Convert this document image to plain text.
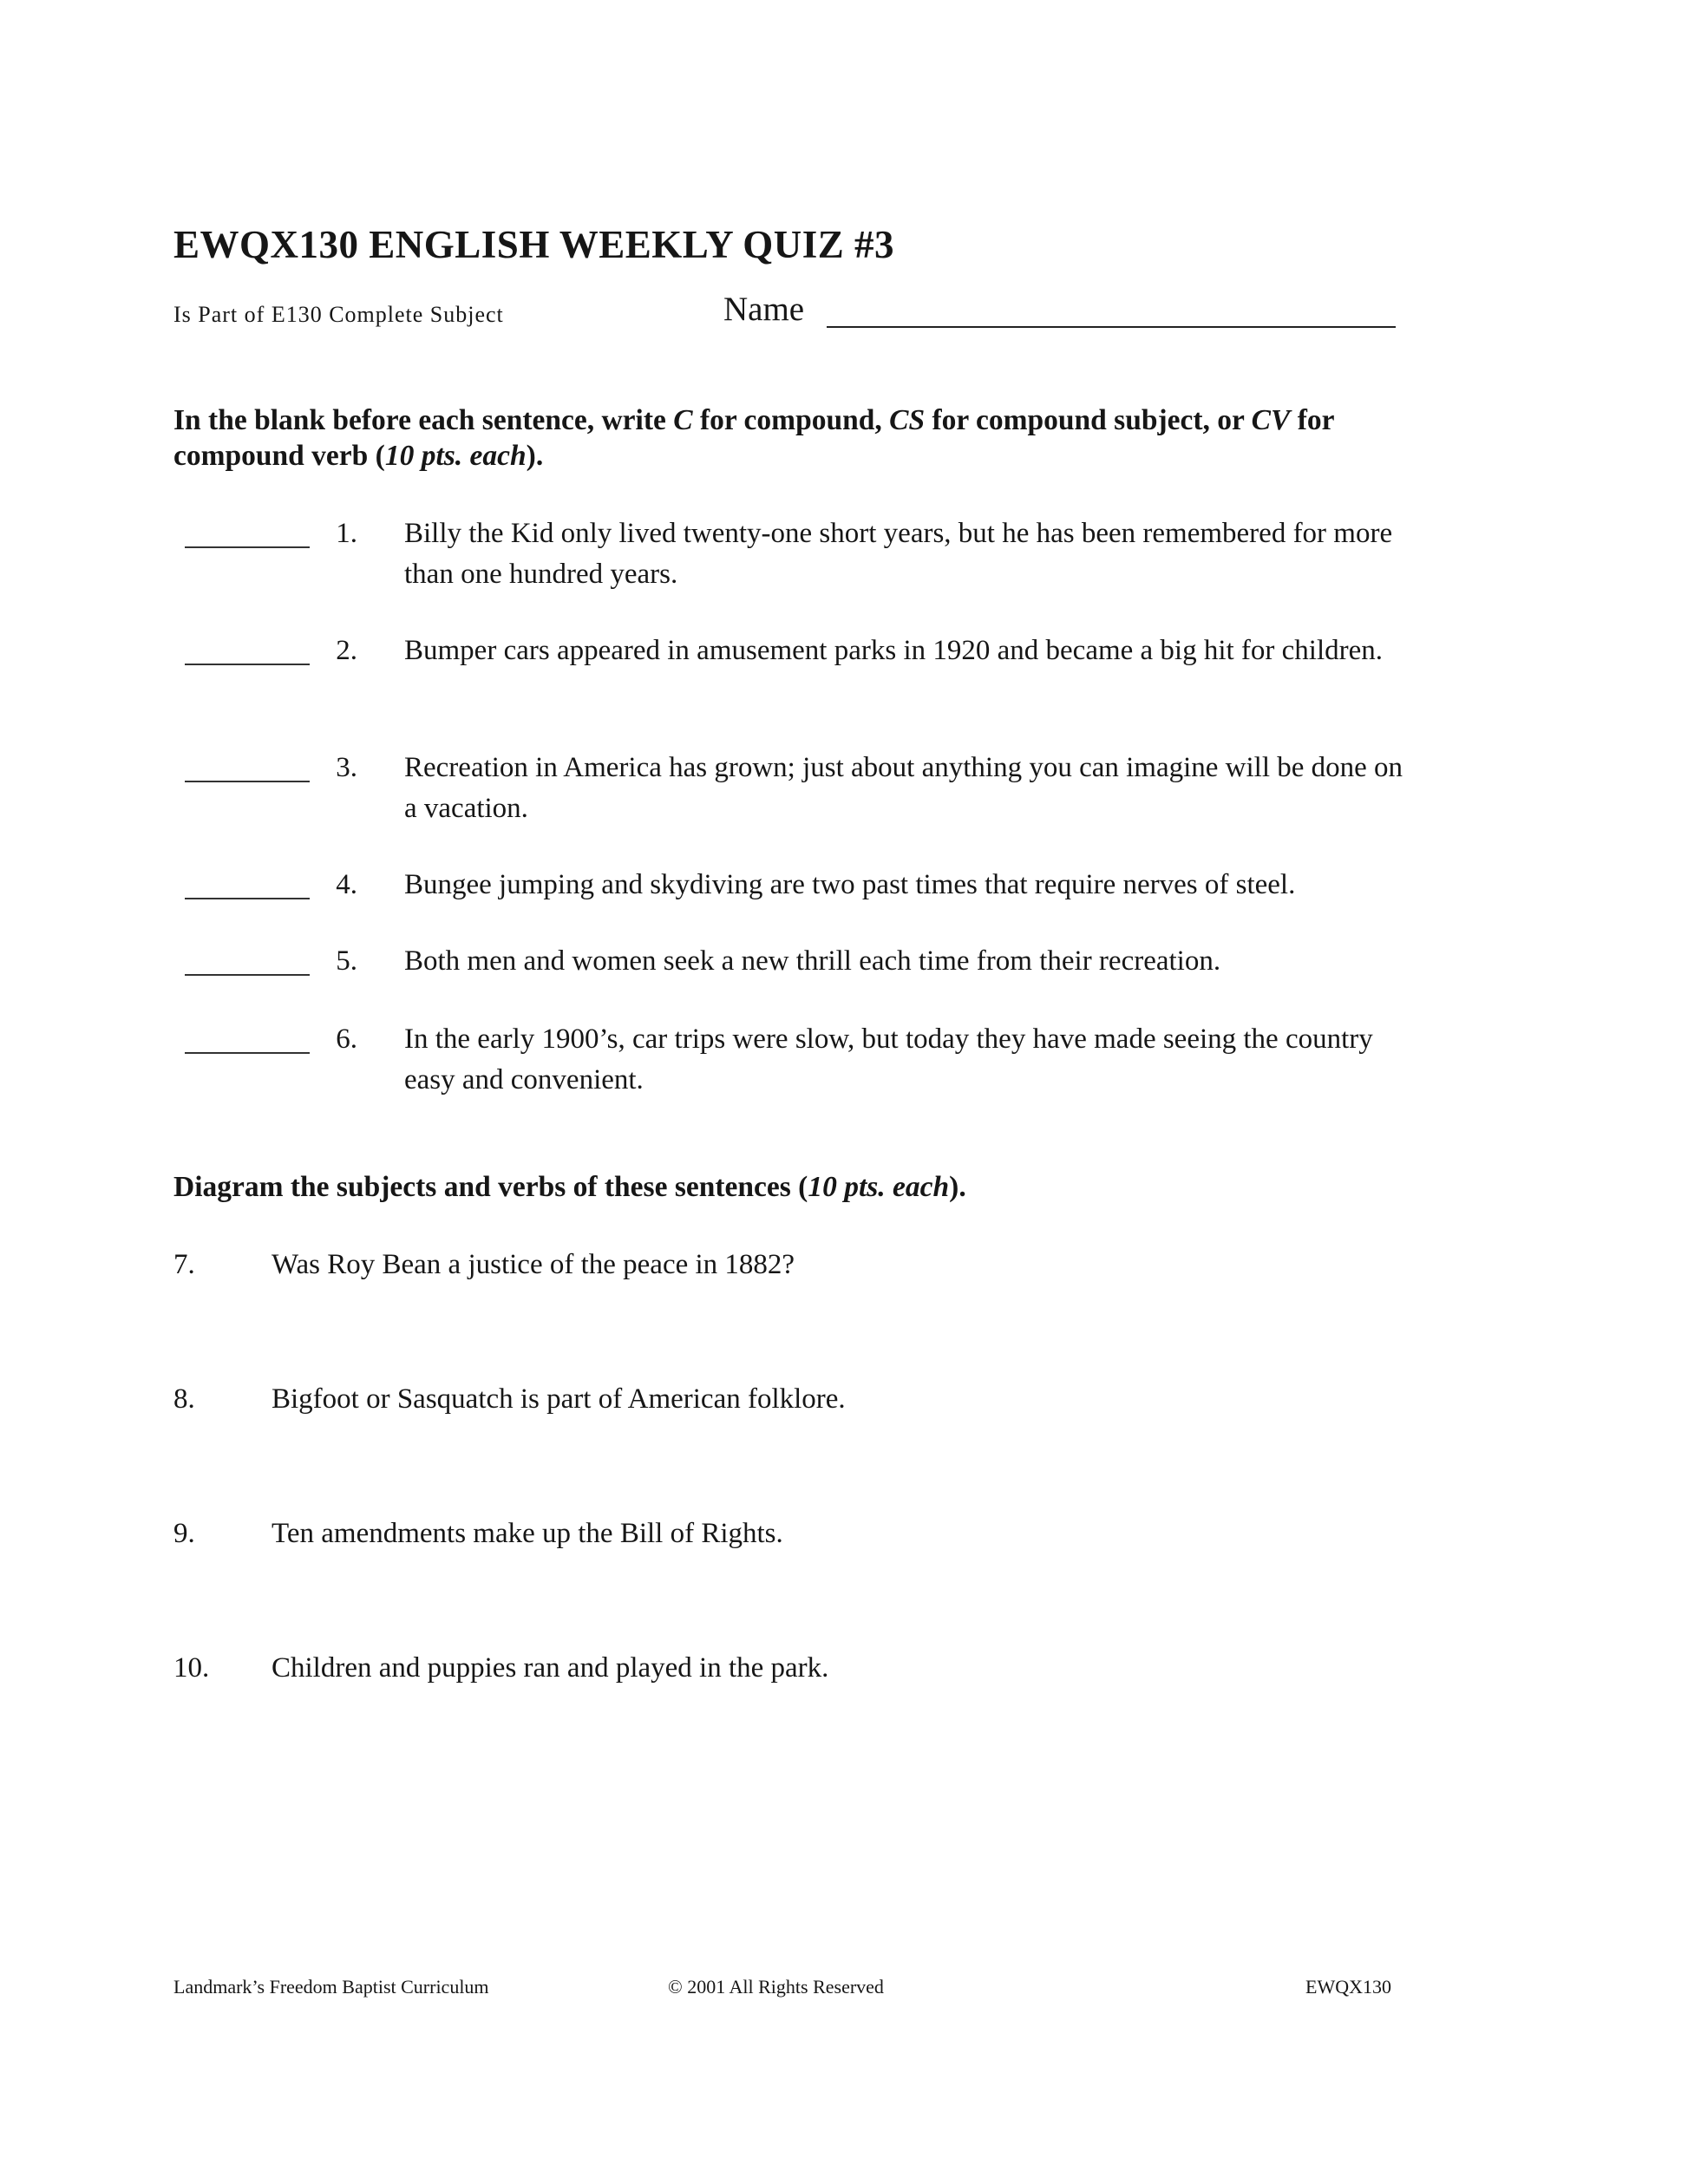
EWQX130 ENGLISH WEEKLY QUIZ #3
Is Part of E130 Complete Subject	Name
In the blank before each sentence, write C for compound, CS for compound subject, or CV for compound verb (10 pts. each).
1. Billy the Kid only lived twenty-one short years, but he has been remembered for more than one hundred years.
2. Bumper cars appeared in amusement parks in 1920 and became a big hit for children.
3. Recreation in America has grown; just about anything you can imagine will be done on a vacation.
4. Bungee jumping and skydiving are two past times that require nerves of steel.
5. Both men and women seek a new thrill each time from their recreation.
6. In the early 1900’s, car trips were slow, but today they have made seeing the country easy and convenient.
Diagram the subjects and verbs of these sentences (10 pts. each).
7.	Was Roy Bean a justice of the peace in 1882?
8.	Bigfoot or Sasquatch is part of American folklore.
9.	Ten amendments make up the Bill of Rights.
10. Children and puppies ran and played in the park.
Landmark’s Freedom Baptist Curriculum	© 2001 All Rights Reserved	EWQX130
